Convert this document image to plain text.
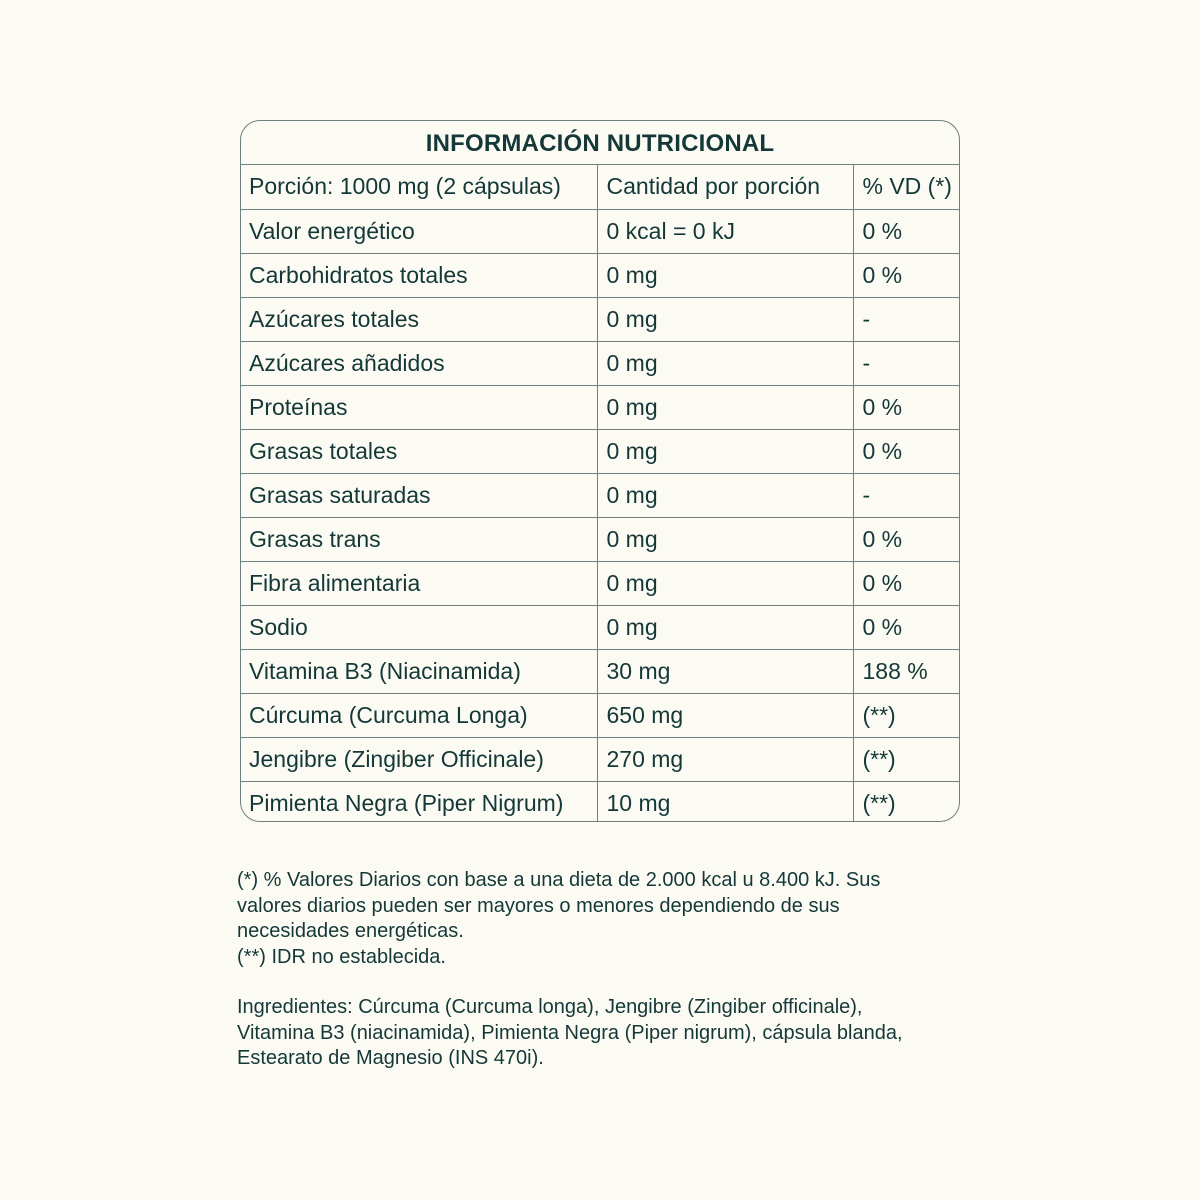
INFORMACIÓN NUTRICIONAL
Porción: 1000 mg (2 cápsulas)	Cantidad por porción	% VD (*)
Valor energético	0 kcal = 0 kJ	0 %
Carbohidratos totales	0 mg	0 %
Azúcares totales	0 mg	-
Azúcares añadidos	0 mg	-
Proteínas	0 mg	0 %
Grasas totales	0 mg	0 %
Grasas saturadas	0 mg	-
Grasas trans	0 mg	0 %
Fibra alimentaria	0 mg	0 %
Sodio	0 mg	0 %
Vitamina B3 (Niacinamida)	30 mg	188 %
Cúrcuma (Curcuma Longa)	650 mg	(**)
Jengibre (Zingiber Officinale)	270 mg	(**)
Pimienta Negra (Piper Nigrum)	10 mg	(**)

(*) % Valores Diarios con base a una dieta de 2.000 kcal u 8.400 kJ. Sus

valores diarios pueden ser mayores o menores dependiendo de sus

necesidades energéticas.

(**) IDR no establecida.

Ingredientes: Cúrcuma (Curcuma longa), Jengibre (Zingiber officinale),

Vitamina B3 (niacinamida), Pimienta Negra (Piper nigrum), cápsula blanda,

Estearato de Magnesio (INS 470i).
